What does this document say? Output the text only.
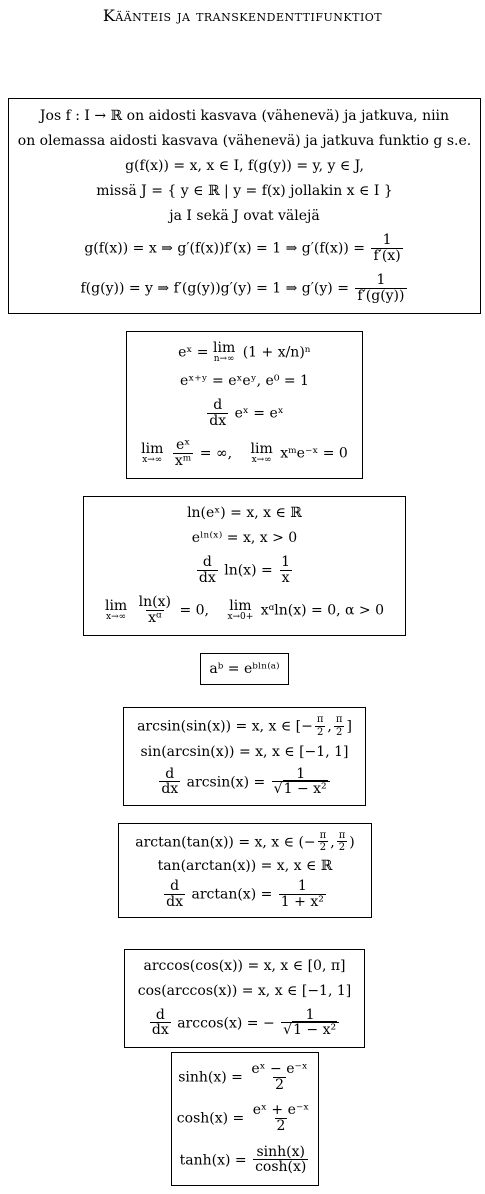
Käänteis ja transkendenttifunktiot
Jos f : I → ℝ on aidosti kasvava (vähenevä) ja jatkuva, niin
on olemassa aidosti kasvava (vähenevä) ja jatkuva funktio g s.e.
g(f(x)) = x, x ∈ I, f(g(y)) = y, y ∈ J,
missä J = { y ∈ ℝ | y = f(x) jollakin x ∈ I }
ja I sekä J ovat välejä
g(f(x)) = x ⇒ g′(f(x))f′(x) = 1 ⇒ $g'(f(x)) = \frac{1}{f'(x)}$
f(g(y)) = y ⇒ f′(g(y))g′(y) = 1 ⇒ $g'(y) = \frac{1}{f'(g(y))}$
eˣ = lim
n→∞ (1 + x/n)ⁿ
eˣ⁺ʸ = eˣeʸ, e⁰ = 1
$\frac{d}{dx}$ eˣ = eˣ
lim
x→∞
$\frac{\text{eˣ}}{\text{xᵐ}}$ = ∞, lim
x→∞ xᵐe⁻ˣ = 0
ln(eˣ) = x, x ∈ ℝ
eˡⁿ⁽ˣ⁾ = x, x > 0
$\frac{d}{dx} \ln(x) = \frac{1}{x}$
lim
x→∞
$\frac{\ln(x)}{\text{xᵅ}} = 0$, lim
x→0+ xᵅln(x) = 0, α > 0
aᵇ = eᵇˡⁿ⁽ᵃ⁾
arcsin(sin(x)) = x, x ∈ [− $\frac{\pi}{2}$ , $\frac{\pi}{2}$ ]
sin(arcsin(x)) = x, x ∈ [−1, 1]
$\frac{d}{dx} \arcsin(x) = \frac{1}{\text{√1 − x²}}$
arctan(tan(x)) = x, x ∈ (− $\frac{\pi}{2}$ , $\frac{\pi}{2}$ )
tan(arctan(x)) = x, x ∈ ℝ
$\frac{d}{dx} \arctan(x) = \frac{1}{\text{1 + x²}}$
arccos(cos(x)) = x, x ∈ [0, π]
cos(arccos(x)) = x, x ∈ [−1, 1]
$\frac{d}{dx} \arccos(x)$ = − $\frac{1}{\text{√1 − x²}}$
$\sinh(x) = \frac{\text{eˣ − e⁻ˣ}}{2}$
$\cosh(x) = \frac{\text{eˣ + e⁻ˣ}}{2}$
$\tanh(x) = \frac{\sinh(x)}{\cosh(x)}$
